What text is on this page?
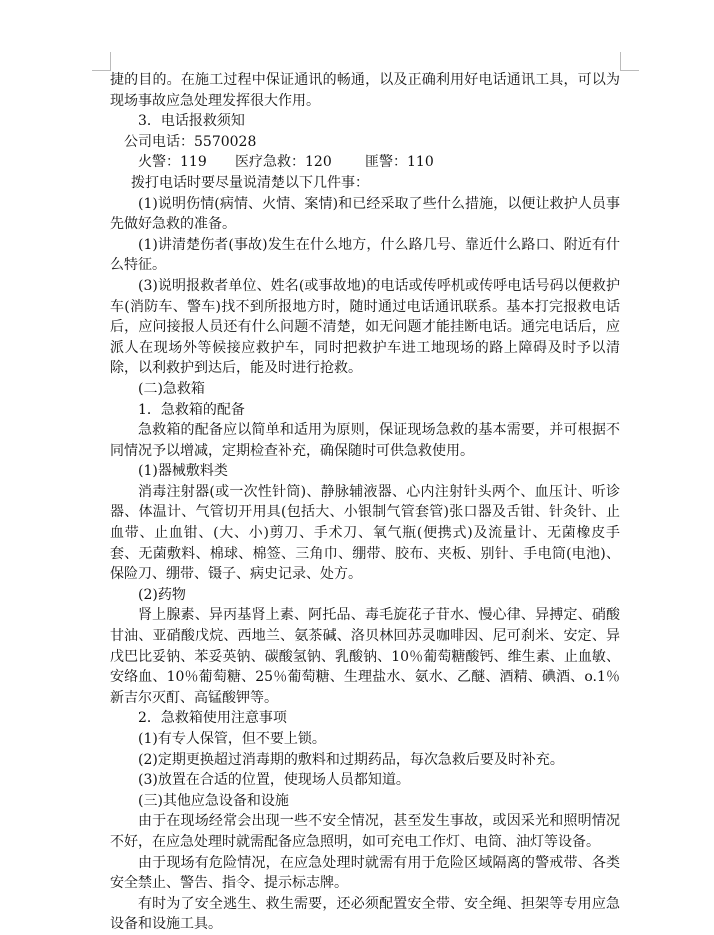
捷的目的。在施工过程中保证通讯的畅通，以及正确利用好电话通讯工具，可以为现场事故应急处理发挥很大作用。

3．电话报救须知

公司电话：5570028

火警：119	医疗急救：120	匪警：110

拨打电话时要尽量说清楚以下几件事：

(1)说明伤情(病情、火情、案情)和已经采取了些什么措施，以便让救护人员事先做好急救的准备。

(1)讲清楚伤者(事故)发生在什么地方，什么路几号、靠近什么路口、附近有什么特征。

(3)说明报救者单位、姓名(或事故地)的电话或传呼机或传呼电话号码以便救护车(消防车、警车)找不到所报地方时，随时通过电话通讯联系。基本打完报救电话后，应问接报人员还有什么问题不清楚，如无问题才能挂断电话。通完电话后，应派人在现场外等候接应救护车，同时把救护车进工地现场的路上障碍及时予以清除，以利救护到达后，能及时进行抢救。

(二)急救箱

1．急救箱的配备

急救箱的配备应以简单和适用为原则，保证现场急救的基本需要，并可根据不同情况予以增减，定期检查补充，确保随时可供急救使用。

(1)器械敷料类

消毒注射器(或一次性针筒)、静脉辅液器、心内注射针头两个、血压计、听诊器、体温计、气管切开用具(包括大、小银制气管套管)张口器及舌钳、针灸针、止血带、止血钳、(大、小)剪刀、手术刀、氧气瓶(便携式)及流量计、无菌橡皮手套、无菌敷料、棉球、棉签、三角巾、绷带、胶布、夹板、别针、手电筒(电池)、保险刀、绷带、镊子、病史记录、处方。

(2)药物

肾上腺素、异丙基肾上素、阿托品、毒毛旋花子苷水、慢心律、异搏定、硝酸甘油、亚硝酸戊烷、西地兰、氨茶碱、洛贝林回苏灵咖啡因、尼可刹米、安定、异戊巴比妥钠、苯妥英钠、碳酸氢钠、乳酸钠、10％葡萄糖酸钙、维生素、止血敏、安络血、10％葡萄糖、25％葡萄糖、生理盐水、氨水、乙醚、酒精、碘酒、o.1％新吉尔灭酊、高锰酸钾等。

2．急救箱使用注意事项

(1)有专人保管，但不要上锁。

(2)定期更换超过消毒期的敷料和过期药品，每次急救后要及时补充。

(3)放置在合适的位置，使现场人员都知道。

(三)其他应急设备和设施

由于在现场经常会出现一些不安全情况，甚至发生事故，或因采光和照明情况不好，在应急处理时就需配备应急照明，如可充电工作灯、电筒、油灯等设备。

由于现场有危险情况，在应急处理时就需有用于危险区域隔离的警戒带、各类安全禁止、警告、指令、提示标志牌。

有时为了安全逃生、救生需要，还必须配置安全带、安全绳、担架等专用应急设备和设施工具。
